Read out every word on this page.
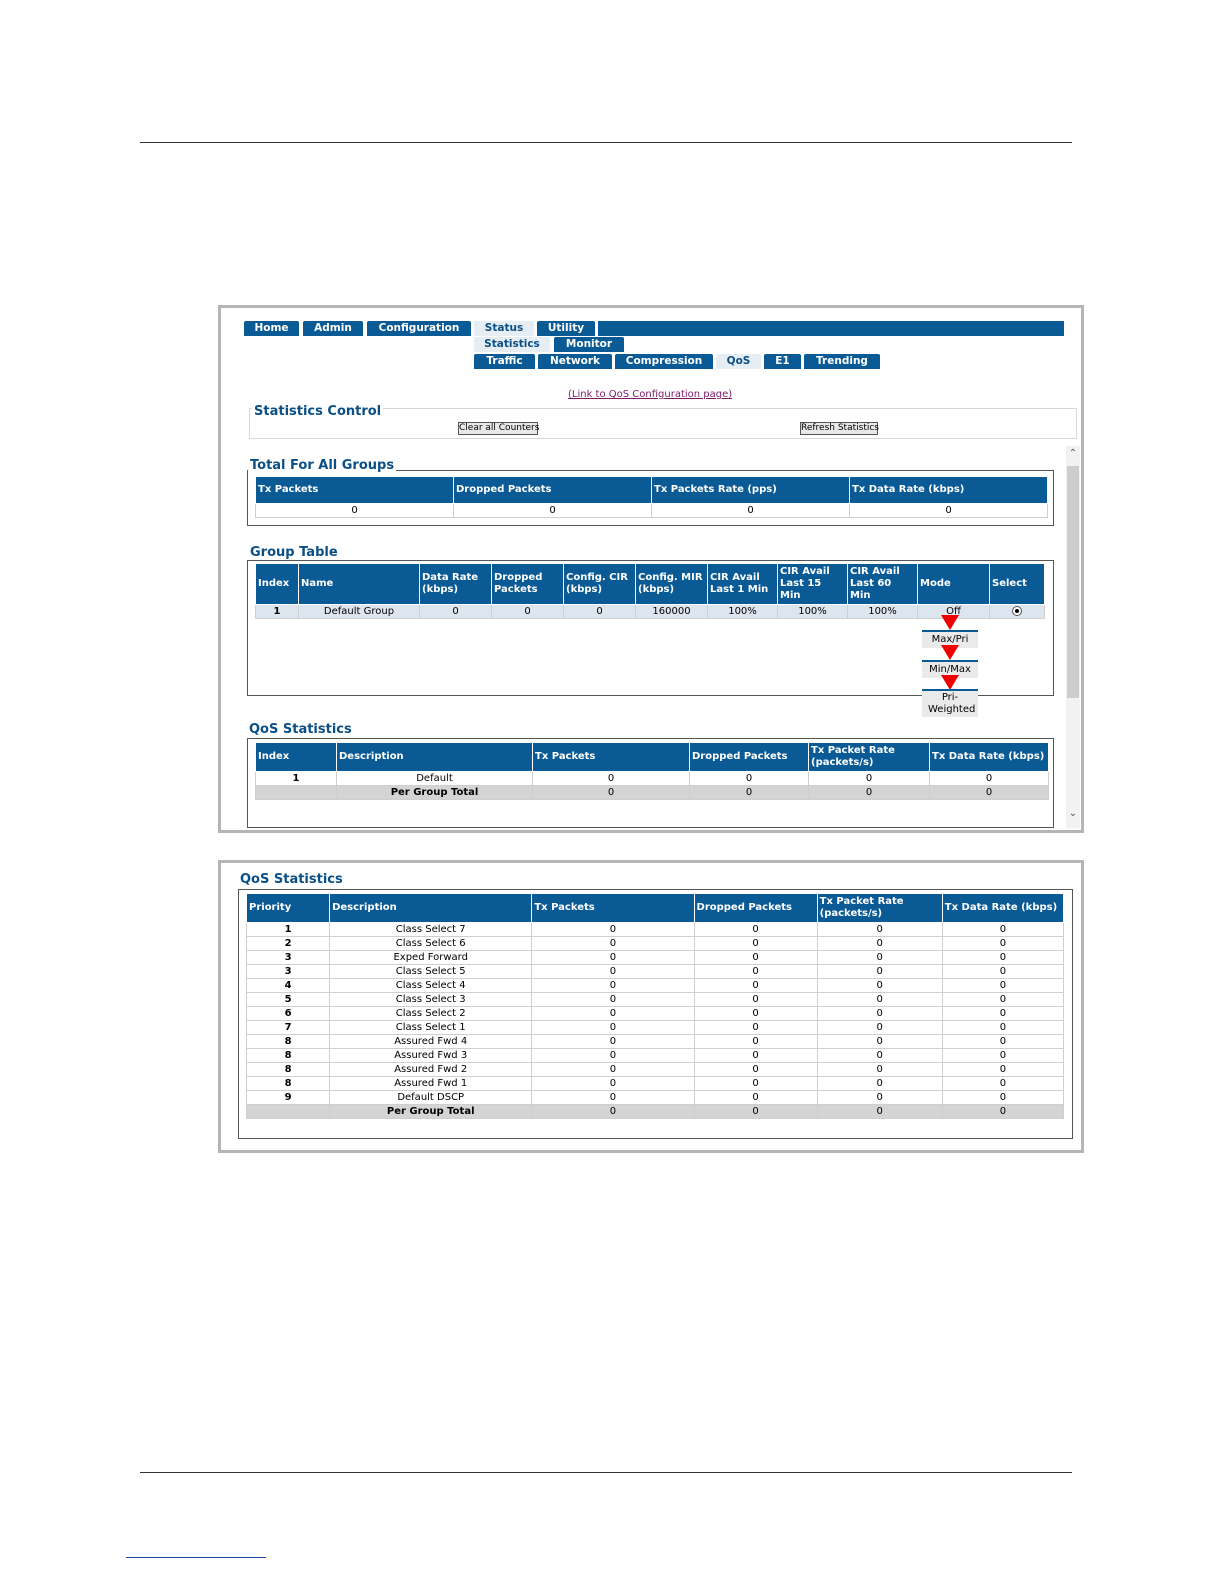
Home	Admin	Configuration	Status	Utility
Statistics	Monitor
Traffic	Network	Compression	QoS	E1	Trending
(Link to QoS Configuration page)
Statistics Control
Clear all Counters	Refresh Statistics
⌃
⌄
Total For All Groups
Tx Packets	Dropped Packets	Tx Packets Rate (pps)	Tx Data Rate (kbps)
0	0	0	0
Group Table
Index	Name	Data Rate (kbps)	Dropped Packets	Config. CIR (kbps)	Config. MIR (kbps)	CIR Avail Last 1 Min	CIR Avail Last 15 Min	CIR Avail Last 60 Min	Mode	Select
1	Default Group	0	0	0	160000	100%	100%	100%	Off	
Max/Pri
Min/Max
Pri-Weighted
QoS Statistics
Index	Description	Tx Packets	Dropped Packets	Tx Packet Rate (packets/s)	Tx Data Rate (kbps)
1	Default	0	0	0	0
	Per Group Total	0	0	0	0
QoS Statistics
Priority	Description	Tx Packets	Dropped Packets	Tx Packet Rate (packets/s)	Tx Data Rate (kbps)
1	Class Select 7	0	0	0	0
2	Class Select 6	0	0	0	0
3	Exped Forward	0	0	0	0
3	Class Select 5	0	0	0	0
4	Class Select 4	0	0	0	0
5	Class Select 3	0	0	0	0
6	Class Select 2	0	0	0	0
7	Class Select 1	0	0	0	0
8	Assured Fwd 4	0	0	0	0
8	Assured Fwd 3	0	0	0	0
8	Assured Fwd 2	0	0	0	0
8	Assured Fwd 1	0	0	0	0
9	Default DSCP	0	0	0	0
	Per Group Total	0	0	0	0
